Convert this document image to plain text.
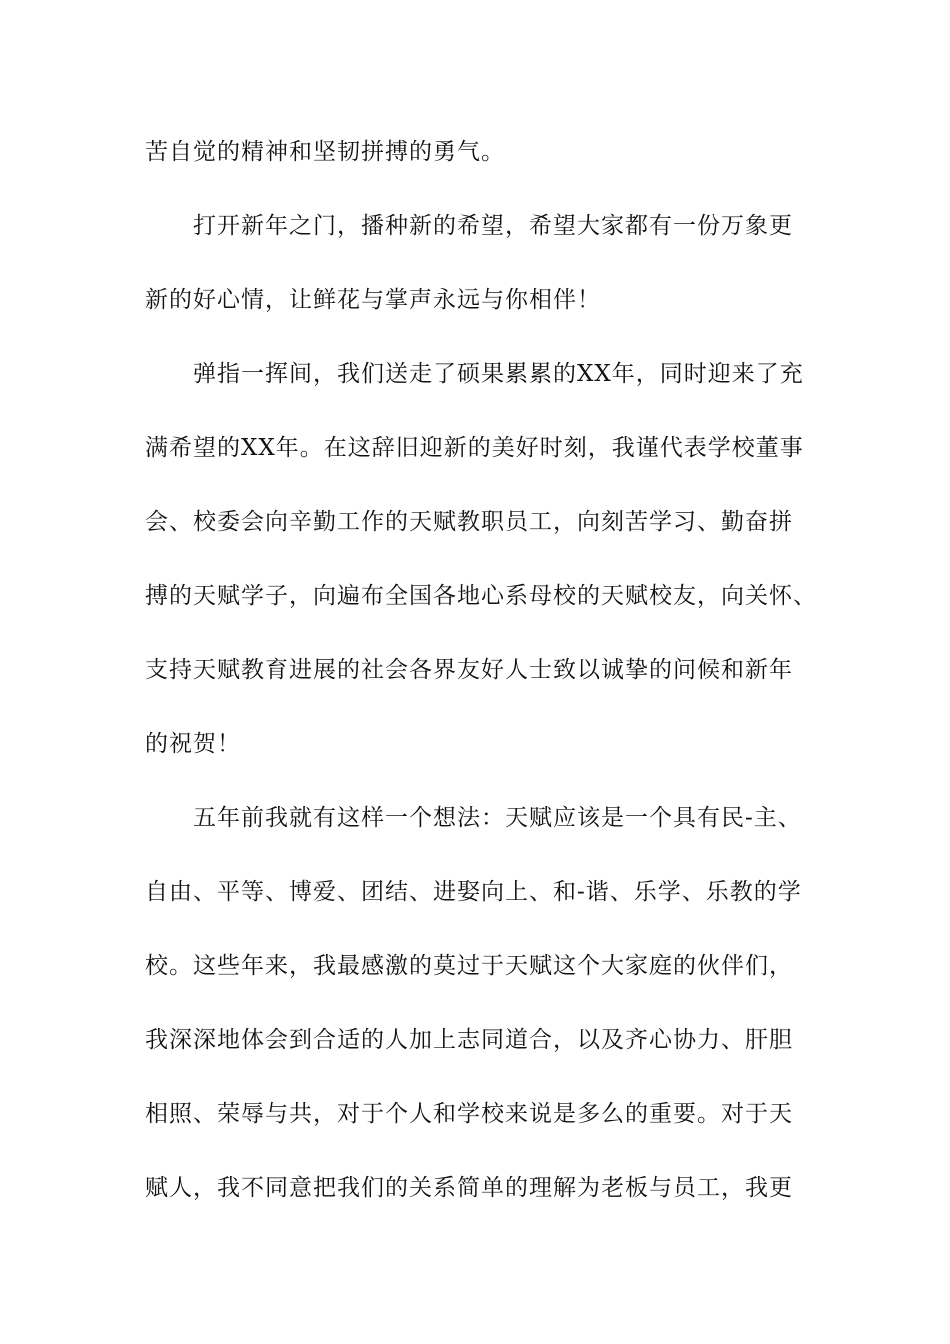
苦自觉的精神和坚韧拼搏的勇气。
打开新年之门，播种新的希望，希望大家都有一份万象更
新的好心情，让鲜花与掌声永远与你相伴！
弹指一挥间，我们送走了硕果累累的XX年，同时迎来了充
满希望的XX年。在这辞旧迎新的美好时刻，我谨代表学校董事
会、校委会向辛勤工作的天赋教职员工，向刻苦学习、勤奋拼
搏的天赋学子，向遍布全国各地心系母校的天赋校友，向关怀、
支持天赋教育进展的社会各界友好人士致以诚挚的问候和新年
的祝贺！
五年前我就有这样一个想法：天赋应该是一个具有民-主、
自由、平等、博爱、团结、进娶向上、和-谐、乐学、乐教的学
校。这些年来，我最感激的莫过于天赋这个大家庭的伙伴们，
我深深地体会到合适的人加上志同道合，以及齐心协力、肝胆
相照、荣辱与共，对于个人和学校来说是多么的重要。对于天
赋人，我不同意把我们的关系简单的理解为老板与员工，我更
